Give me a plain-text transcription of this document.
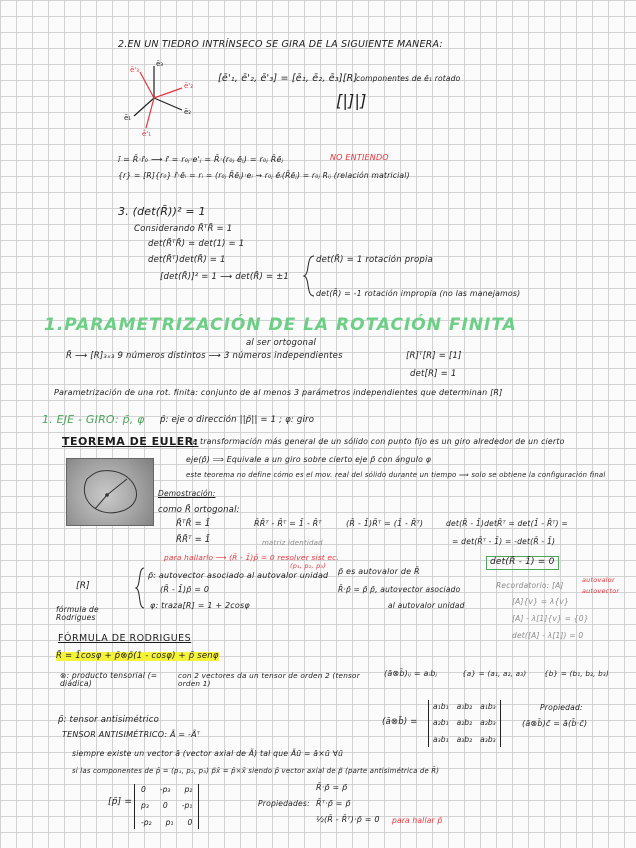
2.EN UN TIEDRO INTRÍNSECO SE GIRA DE LA SIGUIENTE MANERA:
ē₃
ē₂
ē₁
ē'₃
ē'₂
ē'₁
[ē'₁, ē'₂, ē'₃] = [ē₁, ē₂, ē₃][R]
componentes de ē₁ rotado
[|]|]
ī = R̄·r̄₀ ⟶ r̄ = r₀ⱼ·e'ⱼ = R̄·(r₀ⱼ ēⱼ) = r₀ⱼ R̄ēⱼ	NO ENTIENDO
{r} = [R]{r₀} r̄·ēᵢ = rᵢ = (r₀ⱼ R̄ēⱼ)·eᵢ → r₀ⱼ ēᵢ(R̄ēⱼ) = r₀ⱼ Rᵢⱼ (relación matricial)
3. (det(R̄))² = 1
Considerando R̄ᵀR̄ = 1
det(R̄ᵀR̄) = det(1) = 1
det(R̄ᵀ)det(R̄) = 1
[det(R̄)]² = 1 ⟶ det(R̄) = ±1
det(R̄) = 1 rotación propia
det(R̄) = -1 rotación impropia (no las manejamos)
1.PARAMETRIZACIÓN DE LA ROTACIÓN FINITA
al ser ortogonal
R̄ ⟶ [R]₃ₓ₃ 9 números distintos ⟶ 3 números independientes	[R]ᵀ[R] = [1]
det[R] = 1
Parametrización de una rot. finita: conjunto de al menos 3 parámetros independientes que determinan [R]
1. EJE - GIRO: p̄, φ p̄: eje o dirección ||p̄|| = 1 ; φ: giro
TEOREMA DE EULER:
la transformación más general de un sólido con punto fijo es un giro alrededor de un cierto
eje(p̄) ⟹ Equivale a un giro sobre cierto eje p̄ con ángulo φ
este teorema no define cómo es el mov. real del sólido durante un tiempo ⟹ solo se obtiene la configuración final
Demostración:
como R̄ ortogonal:
R̄ᵀR̄ = 1̄
R̄R̄ᵀ = 1̄
R̄R̄ᵀ - R̄ᵀ = 1̄ - R̄ᵀ	(R̄ - 1̄)R̄ᵀ = (1̄ - R̄ᵀ)	det(R̄ - 1̄)detR̄ᵀ = det(1̄ - R̄ᵀ) =
= det(R̄ᵀ - 1̄) = -det(R̄ - 1̄)
matriz identidad
para hallarlo ⟶ (R̄ - 1̄)p̄ = 0 resolver sist ec.
(p₁, p₂, p₃)	det(R̄ - 1̄) = 0
[R]
p̄: autovector asociado al autovalor unidad
(R̄ - 1̄)p̄ = 0
φ: traza[R] = 1 + 2cosφ
fórmula de Rodrigues
p̄ es autovalor de R̄
R̄·p̄ = p̄ p̄, autovector asociado
al autovalor unidad
Recordatorio: [A]
autovalor
autovector
[A]{v} = λ{v}
[A] - λ[1]{v} = {0}
det([A] - λ[1]) = 0
FÓRMULA DE RODRIGUES
R̄ = 1̄cosφ + p̄⊗p̄(1 - cosφ) + p̃ senφ
⊗: producto tensorial (= diádica)
con 2 vectores da un tensor de orden 2 (tensor orden 1)
(ā⊗b̄)ᵢⱼ = aᵢbⱼ	{a} = (a₁, a₂, a₃) {b} = (b₁, b₂, b₃)
(ā⊗b̄) =
a₁b₁ a₁b₂ a₁b₃
a₂b₁ a₂b₂ a₂b₃
a₃b₁ a₃b₂ a₃b₃
Propiedad:
(ā⊗b̄)c̄ = ā(b̄·c̄)
p̃: tensor antisimétrico
TENSOR ANTISIMÉTRICO: Ã = -Ãᵀ
siempre existe un vector ā (vector axial de Ã) tal que Ãū = ā×ū ∀ū
si las componentes de p̄ = (p₁, p₂, p₃) p̃x̄ = p̄×x̄ siendo p̄ vector axial de p̃ (parte antisimétrica de R̄)
[p̃] =
0 -p₃ p₂
p₃ 0 -p₁
-p₂ p₁ 0
Propiedades:
R̄·p̄ = p̄
R̄ᵀ·p̄ = p̄
½(R̄ - R̄ᵀ)·p̄ = 0 para hallar p̄
